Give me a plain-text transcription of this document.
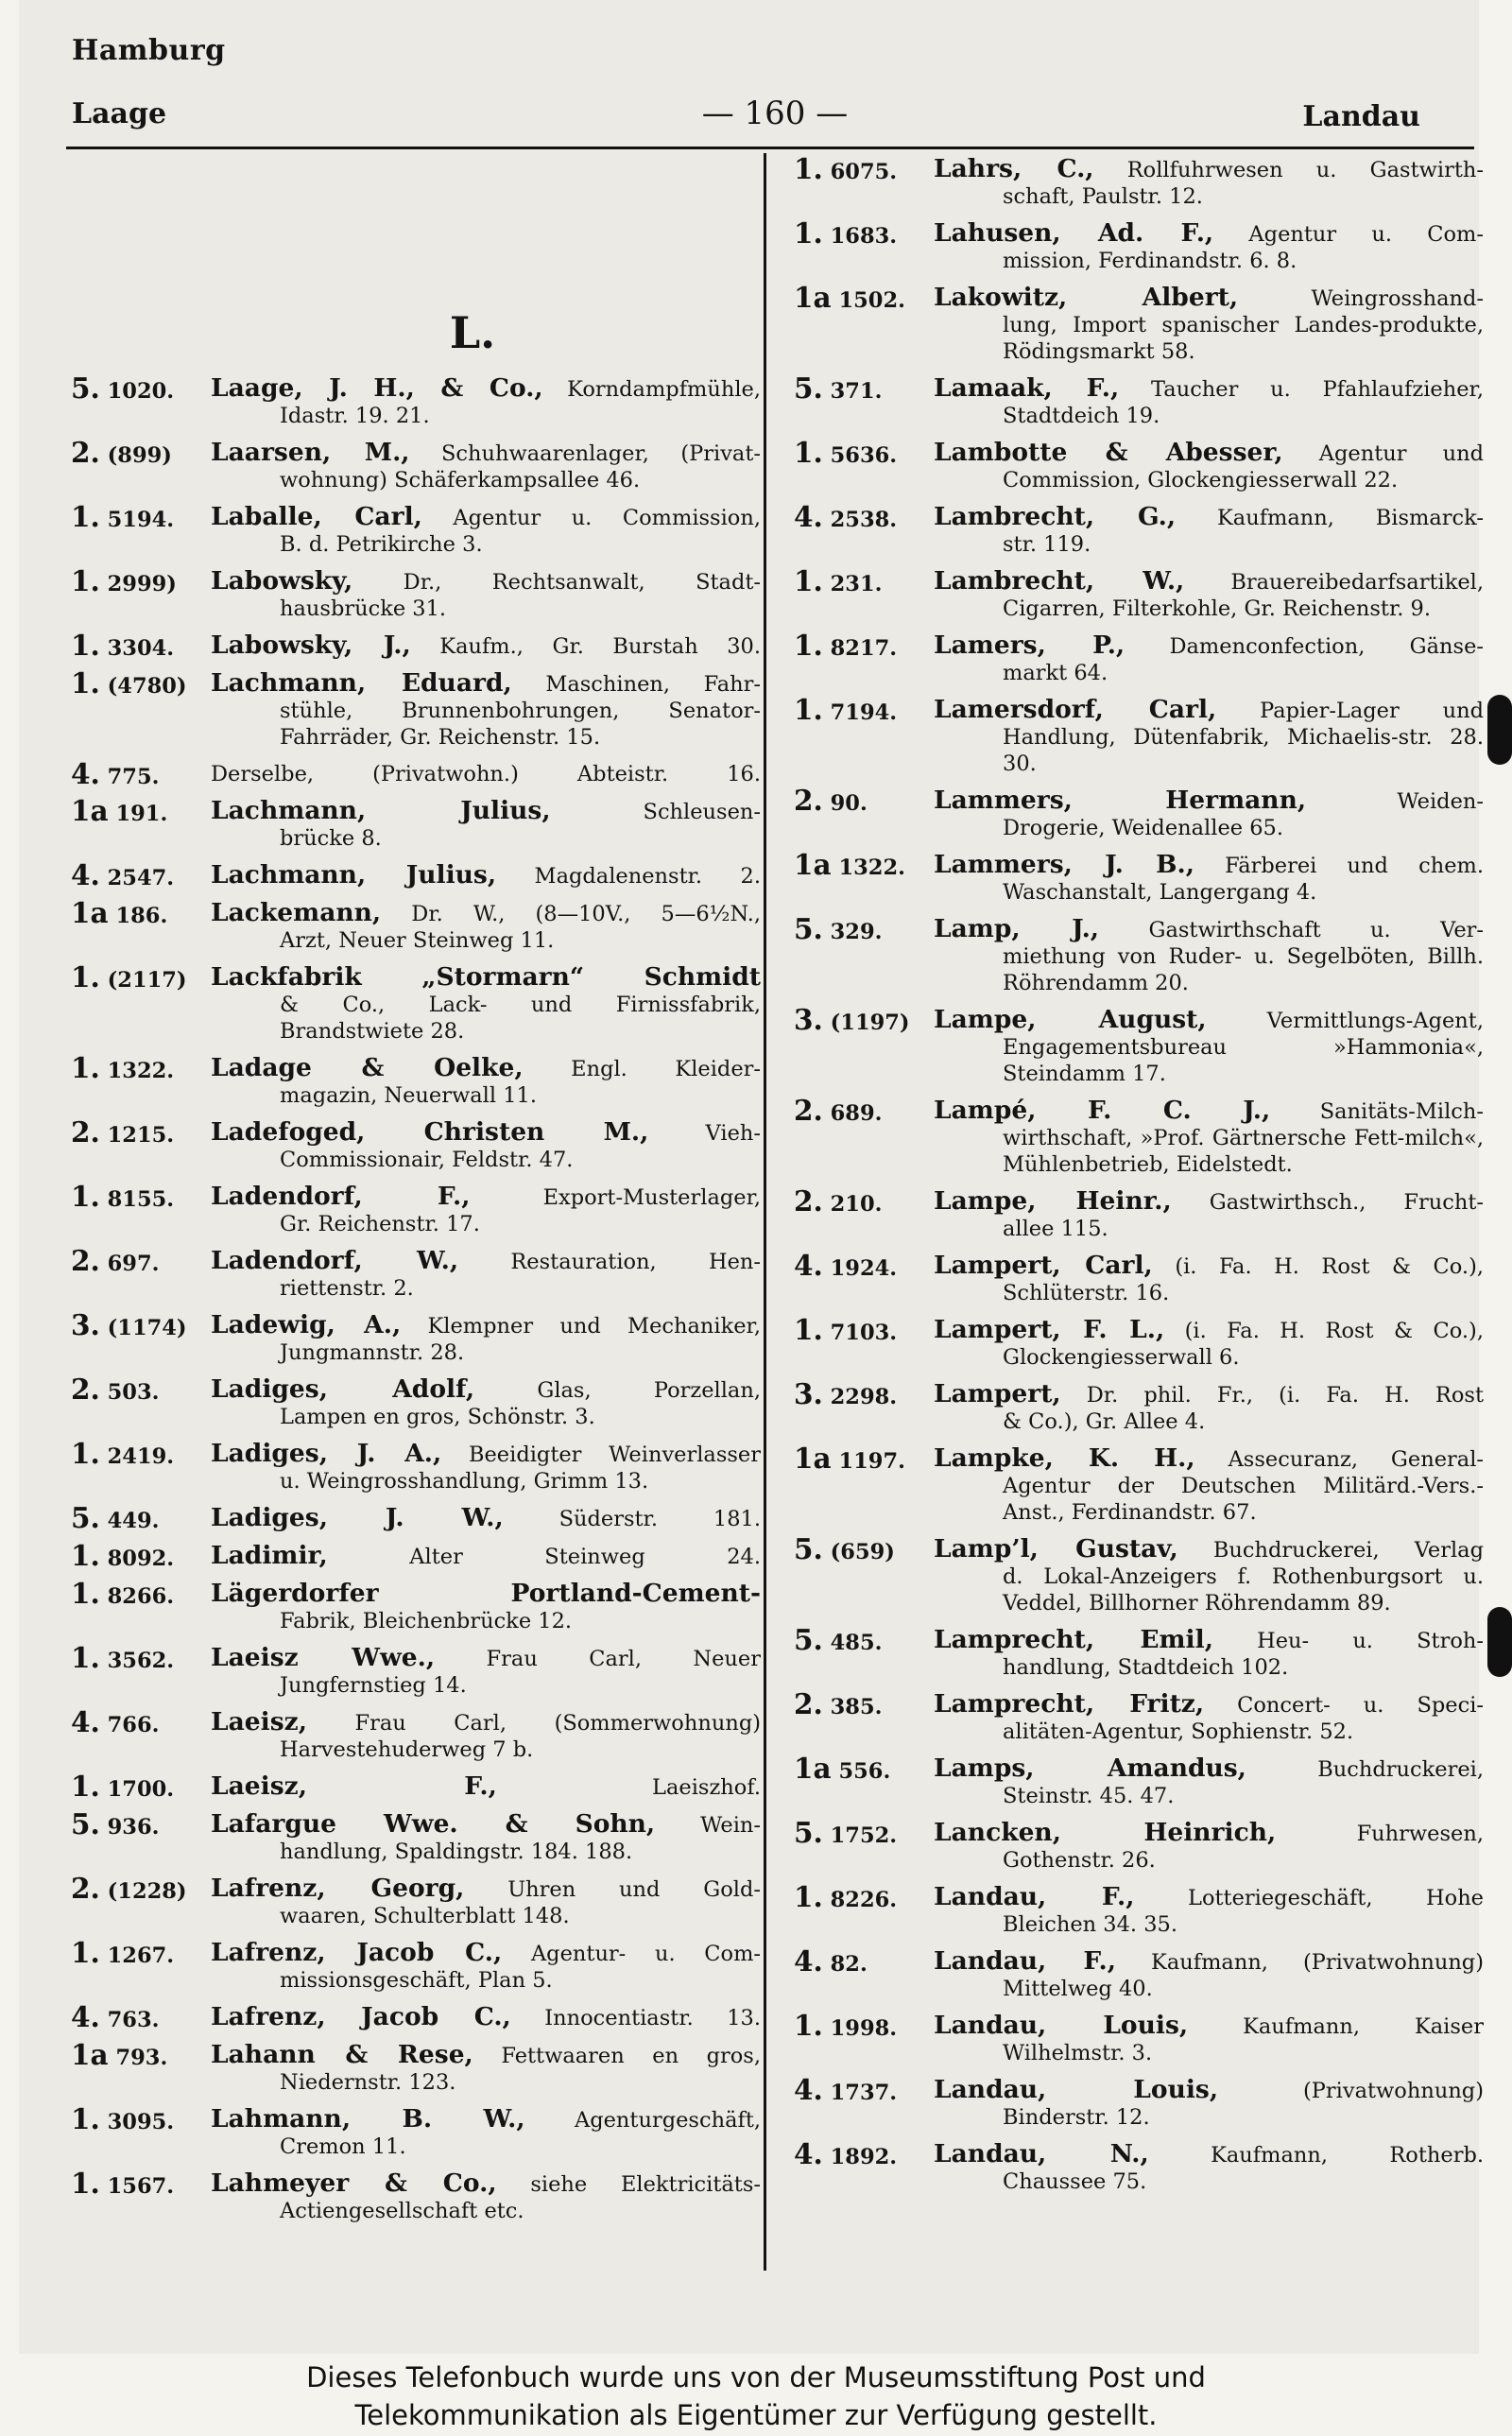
Hamburg
Laage	— 160 —	Landau
L.
5. 1020.	Laage, J. H., & Co., Korndampfmühle,
Idastr. 19. 21.
2. (899)	Laarsen, M., Schuhwaarenlager, (Privat-
wohnung) Schäferkampsallee 46.
1. 5194.	Laballe, Carl, Agentur u. Commission,
B. d. Petrikirche 3.
1. 2999)	Labowsky, Dr., Rechtsanwalt, Stadt-
hausbrücke 31.
1. 3304.	Labowsky, J., Kaufm., Gr. Burstah 30.
1. (4780) Lachmann, Eduard, Maschinen, Fahr-
stühle, Brunnenbohrungen, Senator-Fahrräder, Gr. Reichenstr. 15.
4. 775.	Derselbe, (Privatwohn.) Abteistr. 16.
1a 191.	Lachmann, Julius,	Schleusen-
brücke 8.
4. 2547.	Lachmann, Julius, Magdalenenstr. 2.
1a 186.	Lackemann, Dr. W., (8—10V., 5—6½N.,
Arzt, Neuer Steinweg 11.
1. (2117) Lackfabrik „Stormarn“ Schmidt
& Co., Lack- und Firnissfabrik, Brandstwiete 28.
1. 1322.	Ladage & Oelke, Engl. Kleider-
magazin, Neuerwall 11.
2. 1215.	Ladefoged, Christen M.,	Vieh-
Commissionair, Feldstr. 47.
1. 8155.	Ladendorf, F.,	Export-Musterlager,
Gr. Reichenstr. 17.
2. 697.	Ladendorf, W., Restauration, Hen-
riettenstr. 2.
3. (1174) Ladewig, A., Klempner und Mechaniker,
Jungmannstr. 28.
2. 503.	Ladiges, Adolf,	Glas, Porzellan,
Lampen en gros, Schönstr. 3.
1. 2419.	Ladiges, J. A., Beeidigter Weinverlasser
u. Weingrosshandlung, Grimm 13.
5. 449.	Ladiges, J. W.,	Süderstr. 181.
1. 8092.	Ladimir,	Alter Steinweg 24.
1. 8266.	Lägerdorfer Portland-Cement-
Fabrik, Bleichenbrücke 12.
1. 3562.	Laeisz Wwe., Frau Carl, Neuer
Jungfernstieg 14.
4. 766.	Laeisz, Frau Carl, (Sommerwohnung)
Harvestehuderweg 7 b.
1. 1700.	Laeisz, F.,	Laeiszhof.
5. 936.	Lafargue Wwe. & Sohn, Wein-
handlung, Spaldingstr. 184. 188.
2. (1228) Lafrenz, Georg, Uhren und Gold-
waaren, Schulterblatt 148.
1. 1267.	Lafrenz, Jacob C., Agentur- u. Com-
missionsgeschäft, Plan 5.
4. 763.	Lafrenz, Jacob C., Innocentiastr. 13.
1a 793.	Lahann & Rese, Fettwaaren en gros,
Niedernstr. 123.
1. 3095.	Lahmann, B. W., Agenturgeschäft,
Cremon 11.
1. 1567.	Lahmeyer & Co., siehe Elektricitäts-
Actiengesellschaft etc.
1. 6075.	Lahrs, C., Rollfuhrwesen u. Gastwirth-
schaft, Paulstr. 12.
1. 1683.	Lahusen, Ad. F., Agentur u. Com-
mission, Ferdinandstr. 6. 8.
1a 1502.	Lakowitz, Albert,	Weingrosshand-
lung, Import spanischer Landes-produkte, Rödingsmarkt 58.
5. 371.	Lamaak, F., Taucher u. Pfahlaufzieher,
Stadtdeich 19.
1. 5636.	Lambotte & Abesser, Agentur und
Commission, Glockengiesserwall 22.
4. 2538.	Lambrecht, G., Kaufmann, Bismarck-
str. 119.
1. 231.	Lambrecht, W., Brauereibedarfsartikel,
Cigarren, Filterkohle, Gr. Reichenstr. 9.
1. 8217.	Lamers, P., Damenconfection, Gänse-
markt 64.
1. 7194.	Lamersdorf, Carl, Papier-Lager und
Handlung, Dütenfabrik, Michaelis-str. 28. 30.
2. 90.	Lammers, Hermann,	Weiden-
Drogerie, Weidenallee 65.
1a 1322.	Lammers, J. B., Färberei und chem.
Waschanstalt, Langergang 4.
5. 329.	Lamp, J., Gastwirthschaft u. Ver-
miethung von Ruder- u. Segelböten, Billh. Röhrendamm 20.
3. (1197) Lampe, August,	Vermittlungs-Agent,
Engagementsbureau »Hammonia«, Steindamm 17.
2. 689.	Lampé, F. C. J., Sanitäts-Milch-
wirthschaft, »Prof. Gärtnersche Fett-milch«, Mühlenbetrieb, Eidelstedt.
2. 210.	Lampe, Heinr., Gastwirthsch., Frucht-
allee 115.
4. 1924.	Lampert, Carl, (i. Fa. H. Rost & Co.),
Schlüterstr. 16.
1. 7103.	Lampert, F. L., (i. Fa. H. Rost & Co.),
Glockengiesserwall 6.
3. 2298.	Lampert, Dr. phil. Fr., (i. Fa. H. Rost
& Co.), Gr. Allee 4.
1a 1197.	Lampke, K. H., Assecuranz, General-
Agentur der Deutschen Militärd.-Vers.-Anst., Ferdinandstr. 67.
5. (659)	Lamp’l, Gustav, Buchdruckerei, Verlag
d. Lokal-Anzeigers f. Rothenburgsort u. Veddel, Billhorner Röhrendamm 89.
5. 485.	Lamprecht, Emil, Heu- u. Stroh-
handlung, Stadtdeich 102.
2. 385.	Lamprecht, Fritz, Concert- u. Speci-
alitäten-Agentur, Sophienstr. 52.
1a 556.	Lamps, Amandus,	Buchdruckerei,
Steinstr. 45. 47.
5. 1752.	Lancken, Heinrich,	Fuhrwesen,
Gothenstr. 26.
1. 8226.	Landau, F.,	Lotteriegeschäft, Hohe
Bleichen 34. 35.
4. 82.	Landau, F., Kaufmann, (Privatwohnung)
Mittelweg 40.
1. 1998.	Landau, Louis,	Kaufmann, Kaiser
Wilhelmstr. 3.
4. 1737.	Landau, Louis,	(Privatwohnung)
Binderstr. 12.
4. 1892.	Landau, N.,	Kaufmann, Rotherb.
Chaussee 75.
Dieses Telefonbuch wurde uns von der Museumsstiftung Post und
Telekommunikation als Eigentümer zur Verfügung gestellt.
